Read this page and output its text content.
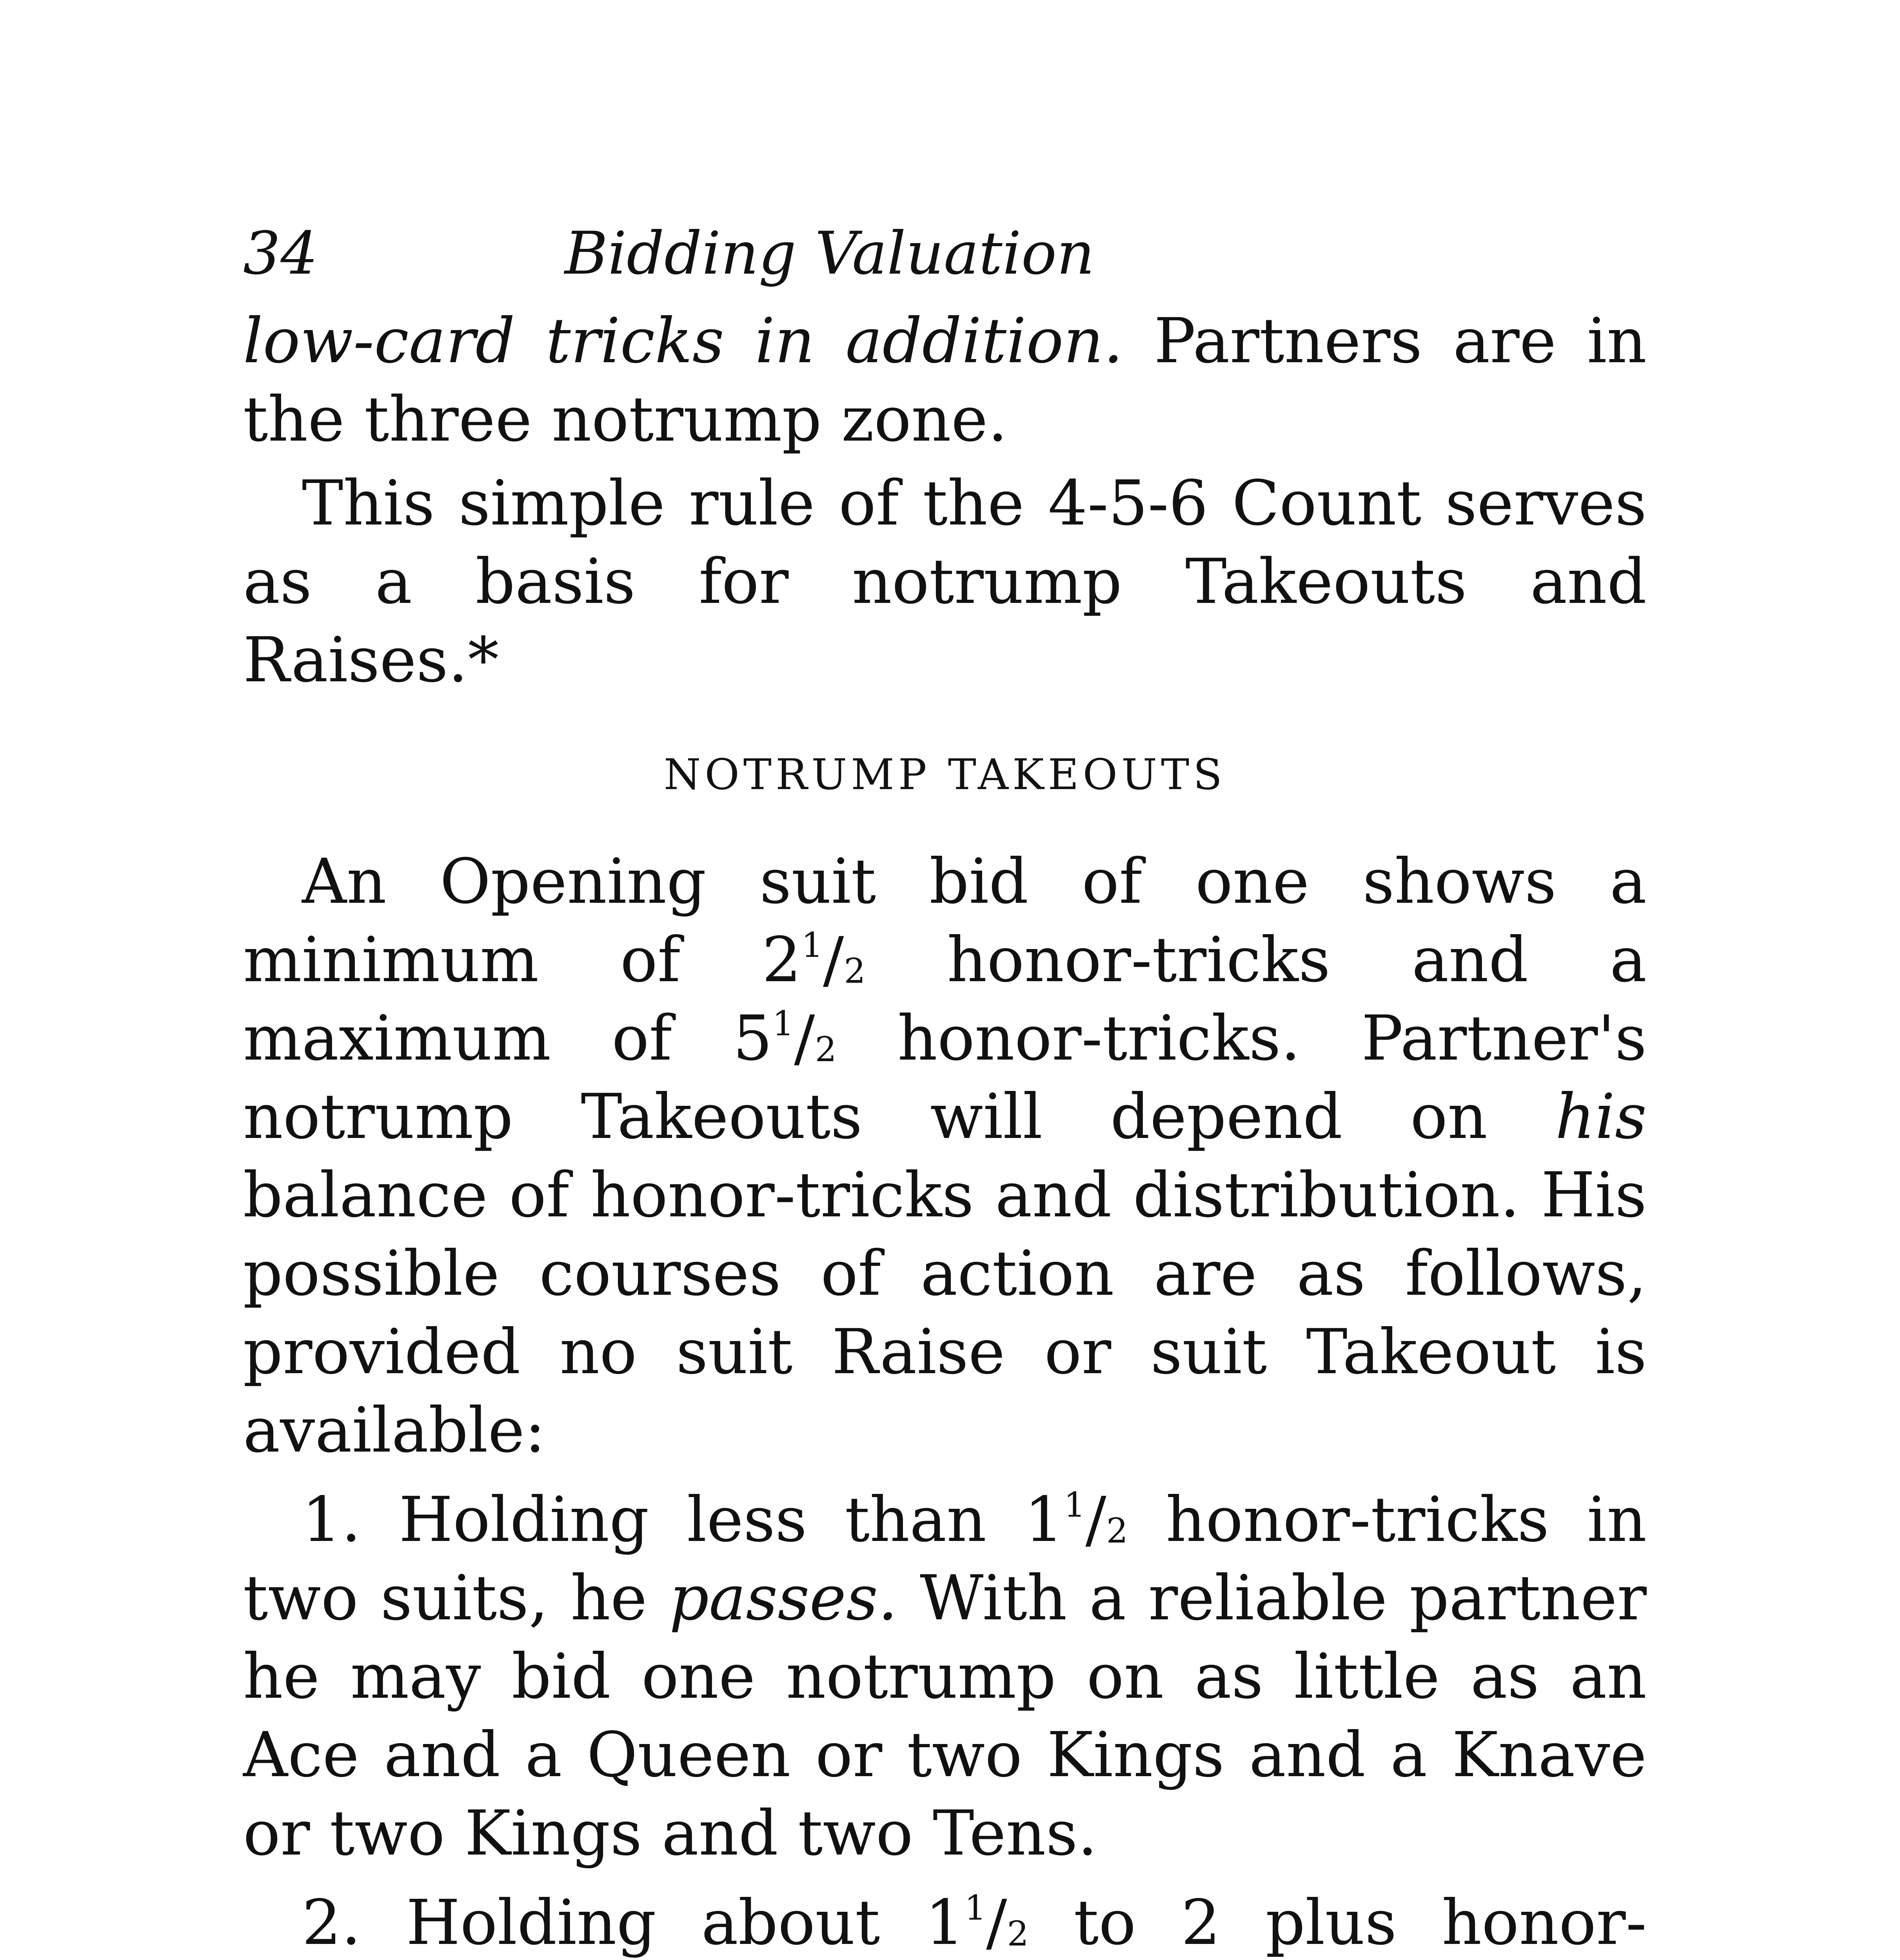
34	Bidding Valuation

low-card tricks in addition. Partners are in the three notrump zone.

This simple rule of the 4-5-6 Count serves as a basis for notrump Takeouts and Raises.*

NOTRUMP TAKEOUTS

An Opening suit bid of one shows a minimum of $2^1/_2$ honor-tricks and a maximum of $5^1/_2$ honor-tricks. Partner's notrump Takeouts will depend on his balance of honor-tricks and distribution. His possible courses of action are as follows, provided no suit Raise or suit Takeout is available:

1. Holding less than $1^1/_2$ honor-tricks in two suits, he passes. With a reliable partner he may bid one notrump on as little as an Ace and a Queen or two Kings and a Knave or two Kings and two Tens.

2. Holding about $1^1/_2$ to 2 plus honor-
